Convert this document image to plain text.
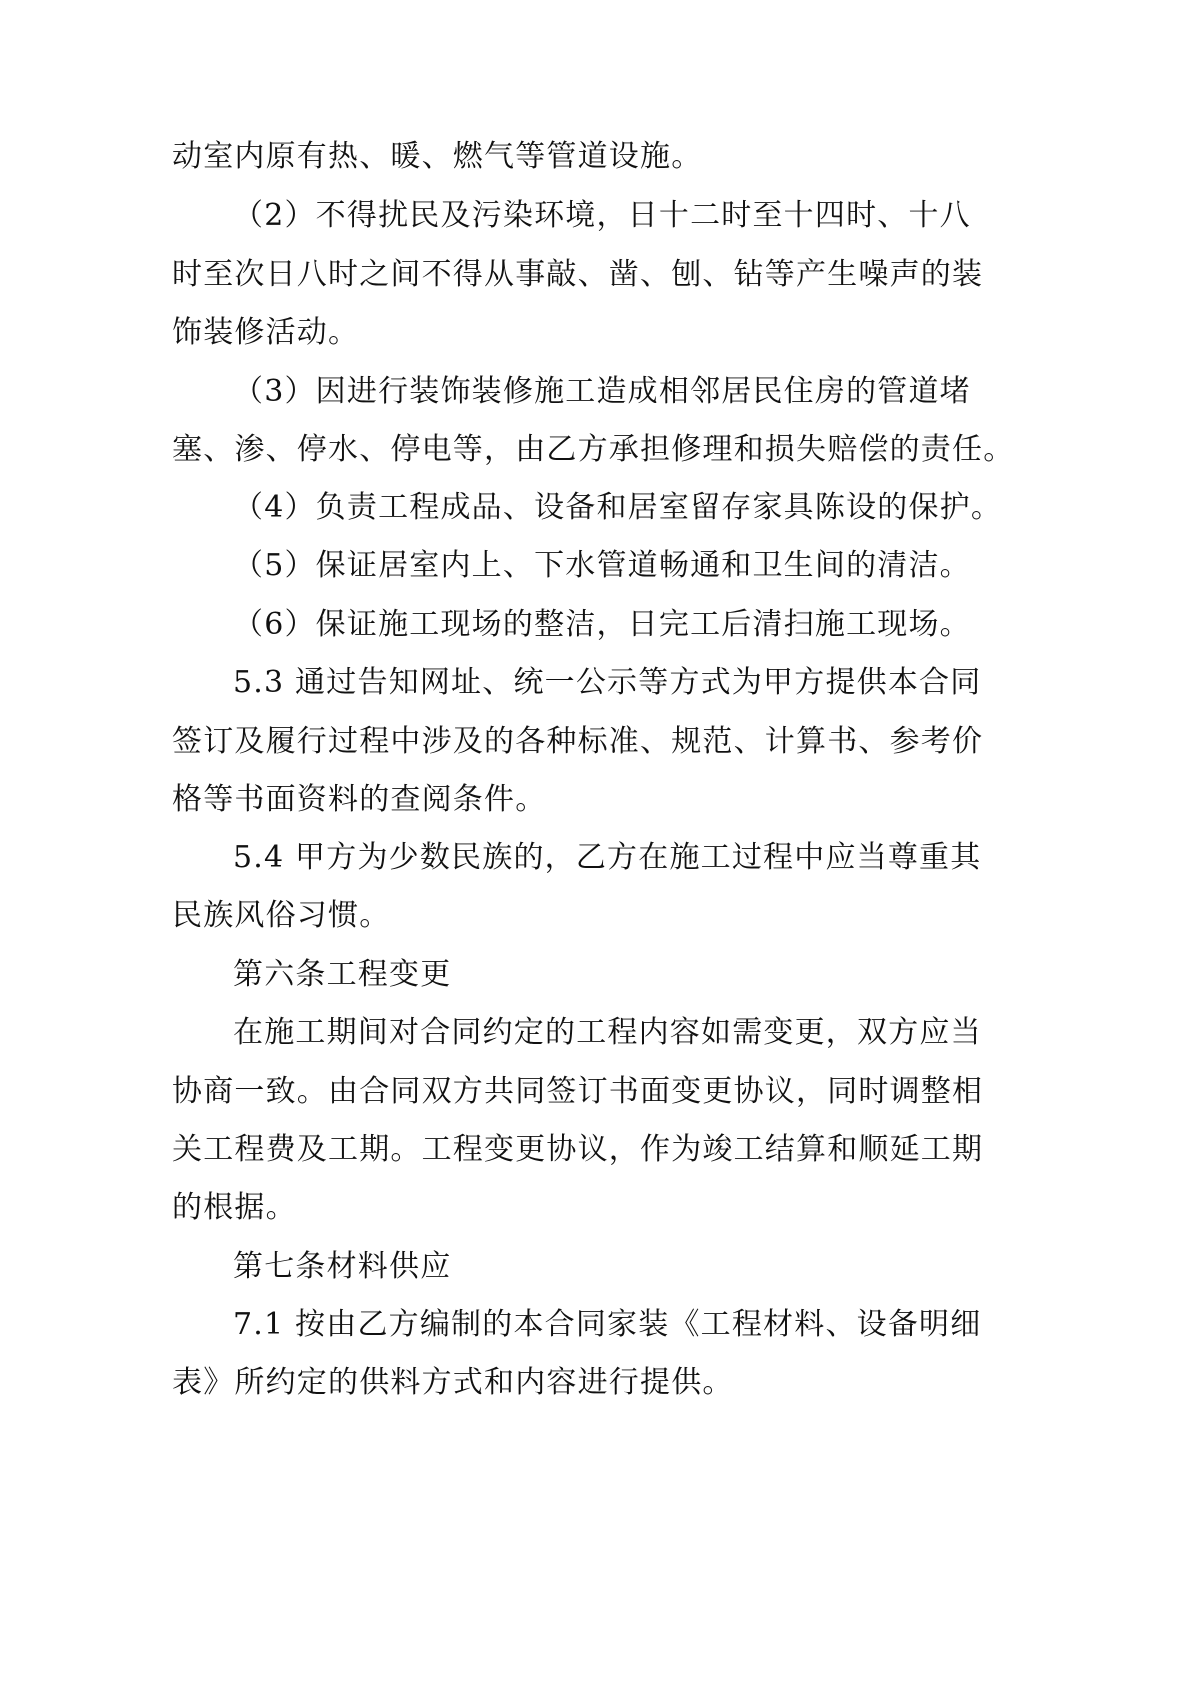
动室内原有热、暖、燃气等管道设施。
（2）不得扰民及污染环境，日十二时至十四时、十八
时至次日八时之间不得从事敲、凿、刨、钻等产生噪声的装
饰装修活动。
（3）因进行装饰装修施工造成相邻居民住房的管道堵
塞、渗、停水、停电等，由乙方承担修理和损失赔偿的责任。
（4）负责工程成品、设备和居室留存家具陈设的保护。
（5）保证居室内上、下水管道畅通和卫生间的清洁。
（6）保证施工现场的整洁，日完工后清扫施工现场。
5.3 通过告知网址、统一公示等方式为甲方提供本合同
签订及履行过程中涉及的各种标准、规范、计算书、参考价
格等书面资料的查阅条件。
5.4 甲方为少数民族的，乙方在施工过程中应当尊重其
民族风俗习惯。
第六条工程变更
在施工期间对合同约定的工程内容如需变更，双方应当
协商一致。由合同双方共同签订书面变更协议，同时调整相
关工程费及工期。工程变更协议，作为竣工结算和顺延工期
的根据。
第七条材料供应
7.1 按由乙方编制的本合同家装《工程材料、设备明细
表》所约定的供料方式和内容进行提供。
